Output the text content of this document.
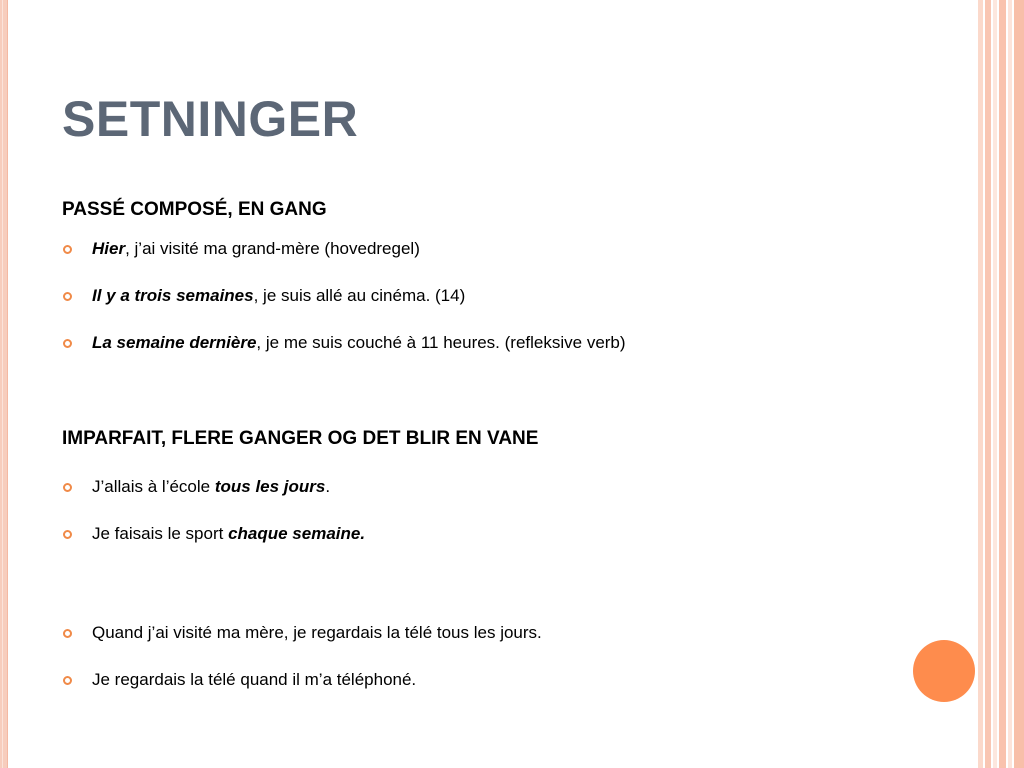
SETNINGER
PASSÉ COMPOSÉ, EN GANG
Hier, j’ai visité ma grand-mère (hovedregel)
Il y a trois semaines, je suis allé au cinéma. (14)
La semaine dernière, je me suis couché à 11 heures. (refleksive verb)
IMPARFAIT, FLERE GANGER OG DET BLIR EN VANE
J’allais à l’école tous les jours.
Je faisais le sport chaque semaine.
Quand j’ai visité ma mère, je regardais la télé tous les jours.
Je regardais la télé quand il m’a téléphoné.
